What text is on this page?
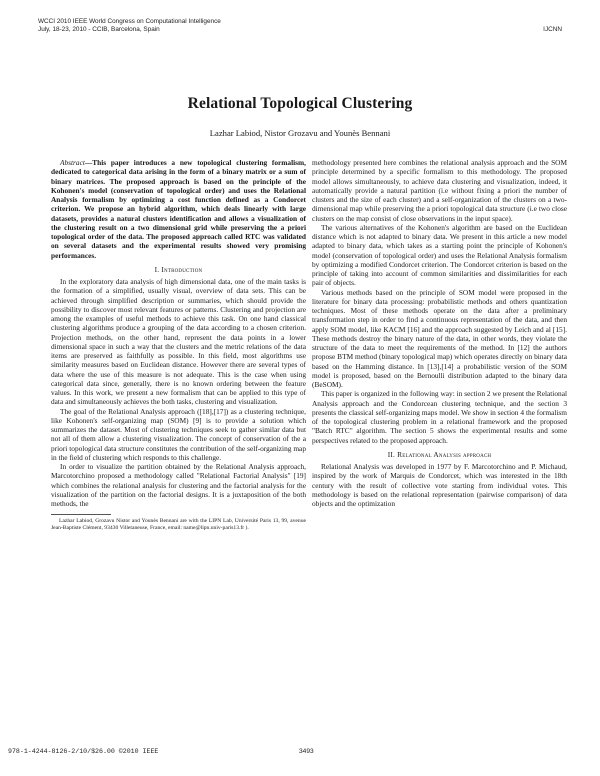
WCCI 2010 IEEE World Congress on Computational Intelligence
July, 18-23, 2010 - CCIB, Barcelona, Spain	IJCNN
Relational Topological Clustering
Lazhar Labiod, Nistor Grozavu and Younès Bennani

Abstract—This paper introduces a new topological clustering formalism, dedicated to categorical data arising in the form of a binary matrix or a sum of binary matrices. The proposed approach is based on the principle of the Kohonen's model (conservation of topological order) and uses the Relational Analysis formalism by optimizing a cost function defined as a Condorcet criterion. We propose an hybrid algorithm, which deals linearly with large datasets, provides a natural clusters identification and allows a visualization of the clustering result on a two dimensional grid while preserving the a priori topological order of the data. The proposed approach called RTC was validated on several datasets and the experimental results showed very promising performances.

I. Introduction

In the exploratory data analysis of high dimensional data, one of the main tasks is the formation of a simplified, usually visual, overview of data sets. This can be achieved through simplified description or summaries, which should provide the possibility to discover most relevant features or patterns. Clustering and projection are among the examples of useful methods to achieve this task. On one hand classical clustering algorithms produce a grouping of the data according to a chosen criterion. Projection methods, on the other hand, represent the data points in a lower dimensional space in such a way that the clusters and the metric relations of the data items are preserved as faithfully as possible. In this field, most algorithms use similarity measures based on Euclidean distance. However there are several types of data where the use of this measure is not adequate. This is the case when using categorical data since, generally, there is no known ordering between the feature values. In this work, we present a new formalism that can be applied to this type of data and simultaneously achieves the both tasks, clustering and visualization.

The goal of the Relational Analysis approach ([18],[17]) as a clustering technique, like Kohonen's self-organizing map (SOM) [9] is to provide a solution which summarizes the dataset. Most of clustering techniques seek to gather similar data but not all of them allow a clustering visualization. The concept of conservation of the a priori topological data structure constitutes the contribution of the self-organizing map in the field of clustering which responds to this challenge.

In order to visualize the partition obtained by the Relational Analysis approach, Marcotorchino proposed a methodology called "Relational Factorial Analysis" [19] which combines the relational analysis for clustering and the factorial analysis for the visualization of the partition on the factorial designs. It is a juxtaposition of the both methods, the

Lazhar Labiod, Grozavu Nistor and Younès Bennani are with the LIPN Lab, Université Paris 13, 99, avenue Jean-Baptiste Clément, 93430 Villetaneuse, France, email: name@lipn.univ-paris13.fr ).

methodology presented here combines the relational analysis approach and the SOM principle determined by a specific formalism to this methodology. The proposed model allows simultaneously, to achieve data clustering and visualization, indeed, it automatically provide a natural partition (i.e without fixing a priori the number of clusters and the size of each cluster) and a self-organization of the clusters on a two-dimensional map while preserving the a priori topological data structure (i.e two close clusters on the map consist of close observations in the input space).

The various alternatives of the Kohonen's algorithm are based on the Euclidean distance which is not adapted to binary data. We present in this article a new model adapted to binary data, which takes as a starting point the principle of Kohonen's model (conservation of topological order) and uses the Relational Analysis formalism by optimizing a modified Condorcet criterion. The Condorcet criterion is based on the principle of taking into account of common similarities and dissimilarities for each pair of objects.

Various methods based on the principle of SOM model were proposed in the literature for binary data processing: probabilistic methods and others quantization techniques. Most of these methods operate on the data after a preliminary transformation step in order to find a continuous representation of the data, and then apply SOM model, like KACM [16] and the approach suggested by Leich and al [15]. These methods destroy the binary nature of the data, in other words, they violate the structure of the data to meet the requirements of the method. In [12] the authors propose BTM method (binary topological map) which operates directly on binary data based on the Hamming distance. In [13],[14] a probabilistic version of the SOM model is proposed, based on the Bernoulli distribution adapted to the binary data (BeSOM).

This paper is organized in the following way: in section 2 we present the Relational Analysis approach and the Condorcean clustering technique, and the section 3 presents the classical self-organizing maps model. We show in section 4 the formalism of the topological clustering problem in a relational framework and the proposed "Batch RTC" algorithm. The section 5 shows the experimental results and some perspectives related to the proposed approach.

II. Relational Analysis approach

Relational Analysis was developed in 1977 by F. Marcotorchino and P. Michaud, inspired by the work of Marquis de Condorcet, which was interested in the 18th century with the result of collective vote starting from individual votes. This methodology is based on the relational representation (pairwise comparison) of data objects and the optimization

978-1-4244-8126-2/10/$26.00 ©2010 IEEE	3493
